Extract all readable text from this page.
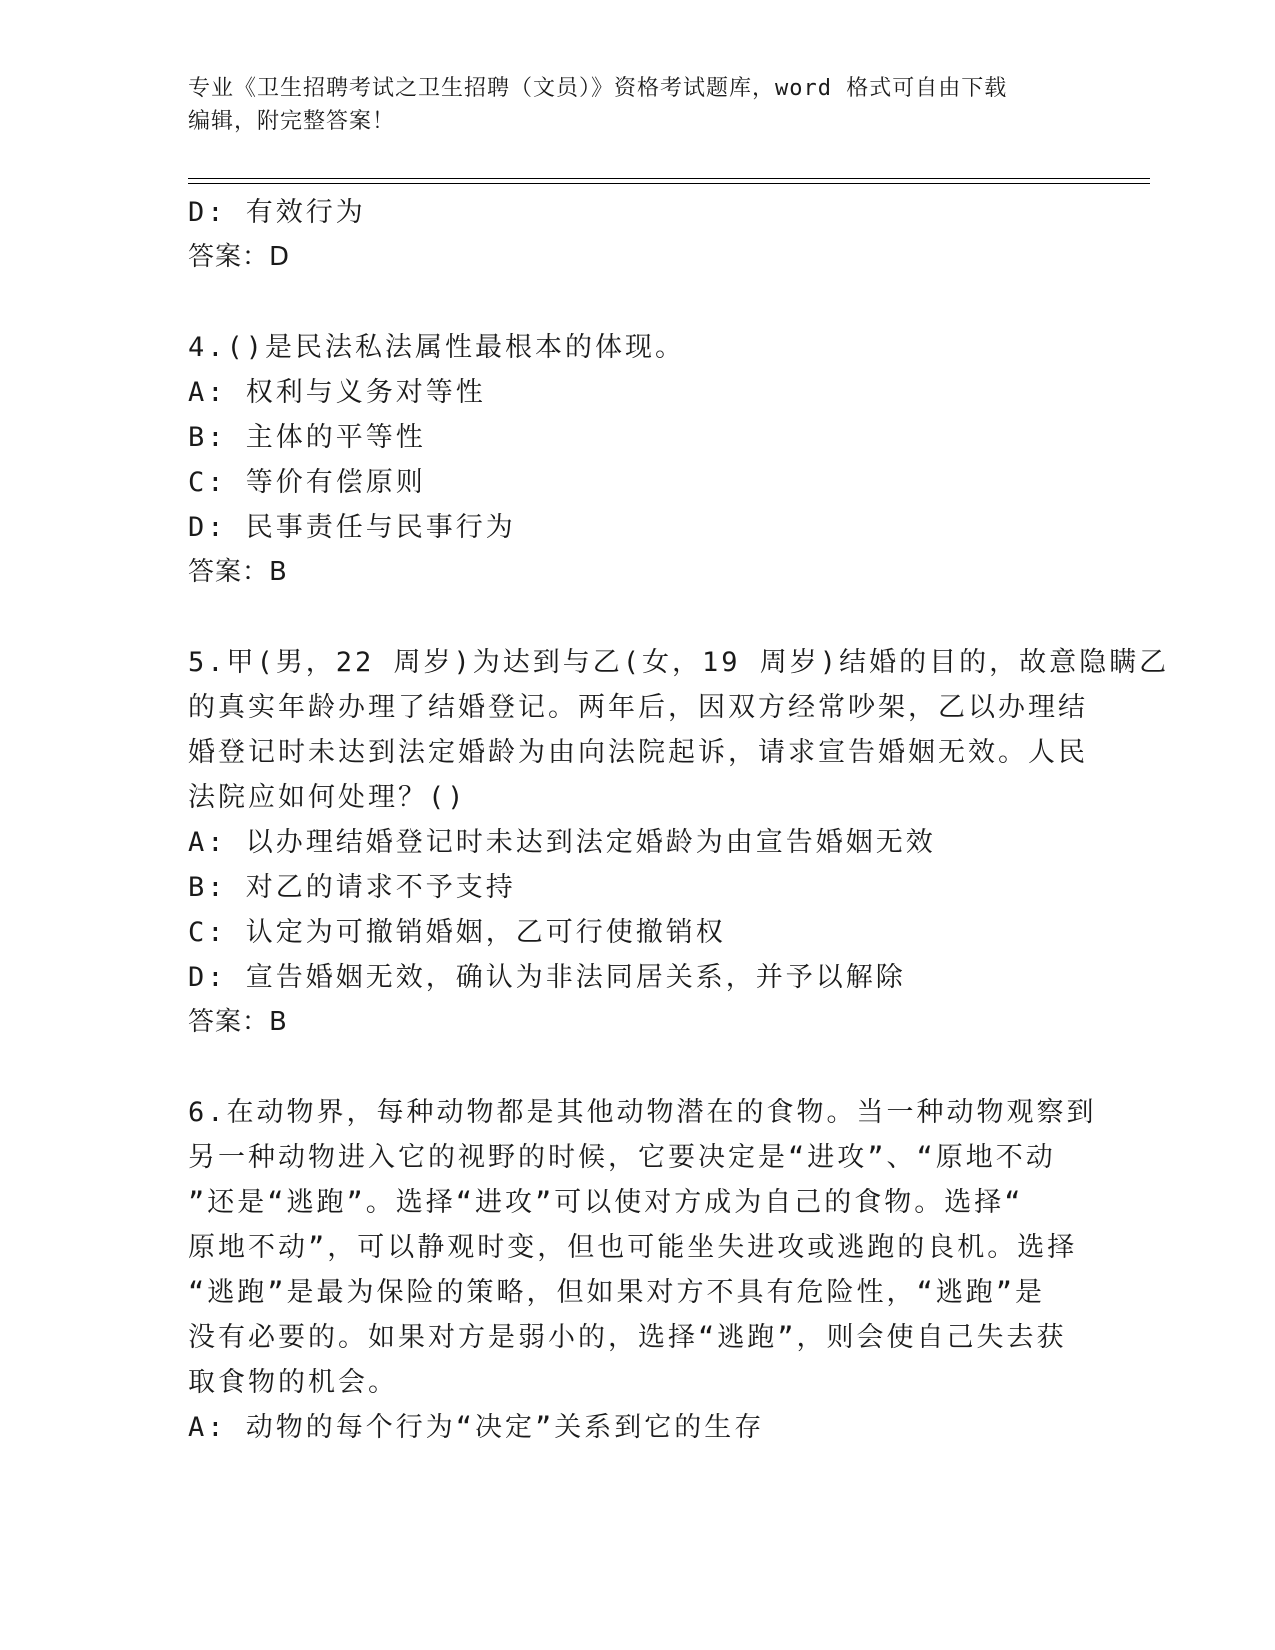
专业《卫生招聘考试之卫生招聘（文员）》资格考试题库，word 格式可自由下载
编辑，附完整答案！
D: 有效行为
答案：D
4.()是民法私法属性最根本的体现。
A: 权利与义务对等性
B: 主体的平等性
C: 等价有偿原则
D: 民事责任与民事行为
答案：B
5.甲(男，22 周岁)为达到与乙(女，19 周岁)结婚的目的，故意隐瞒乙
的真实年龄办理了结婚登记。两年后，因双方经常吵架，乙以办理结
婚登记时未达到法定婚龄为由向法院起诉，请求宣告婚姻无效。人民
法院应如何处理？()
A: 以办理结婚登记时未达到法定婚龄为由宣告婚姻无效
B: 对乙的请求不予支持
C: 认定为可撤销婚姻，乙可行使撤销权
D: 宣告婚姻无效，确认为非法同居关系，并予以解除
答案：B
6.在动物界，每种动物都是其他动物潜在的食物。当一种动物观察到
另一种动物进入它的视野的时候，它要决定是“进攻”、“原地不动
”还是“逃跑”。选择“进攻”可以使对方成为自己的食物。选择“
原地不动”，可以静观时变，但也可能坐失进攻或逃跑的良机。选择
“逃跑”是最为保险的策略，但如果对方不具有危险性，“逃跑”是
没有必要的。如果对方是弱小的，选择“逃跑”，则会使自己失去获
取食物的机会。
A: 动物的每个行为“决定”关系到它的生存
